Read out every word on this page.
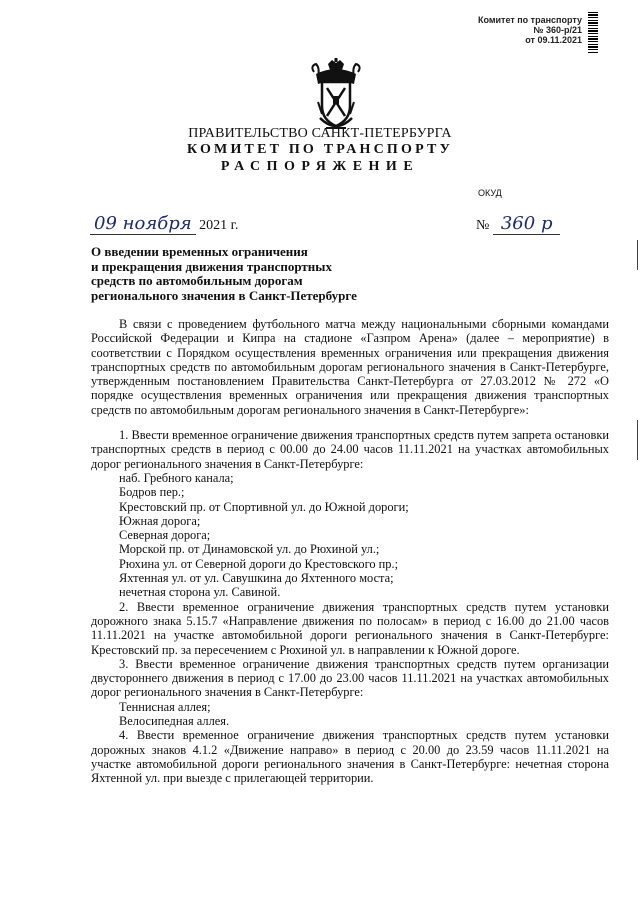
Комитет по транспорту
№ 360-р/21
от 09.11.2021
ПРАВИТЕЛЬСТВО САНКТ-ПЕТЕРБУРГА
КОМИТЕТ ПО ТРАНСПОРТУ
РАСПОРЯЖЕНИЕ
ОКУД
09 ноября 2021 г.	№ 360 р
О введении временных ограничения
и прекращения движения транспортных
средств по автомобильным дорогам
регионального значения в Санкт-Петербурге

В связи с проведением футбольного матча между национальными сборными командами Российской Федерации и Кипра на стадионе «Газпром Арена» (далее – мероприятие) в соответствии с Порядком осуществления временных ограничения или прекращения движения транспортных средств по автомобильным дорогам регионального значения в Санкт-Петербурге, утвержденным постановлением Правительства Санкт-Петербурга от 27.03.2012 № 272 «О порядке осуществления временных ограничения или прекращения движения транспортных средств по автомобильным дорогам регионального значения в Санкт-Петербурге»:

1. Ввести временное ограничение движения транспортных средств путем запрета остановки транспортных средств в период с 00.00 до 24.00 часов 11.11.2021 на участках автомобильных дорог регионального значения в Санкт-Петербурге:

наб. Гребного канала;

Бодров пер.;

Крестовский пр. от Спортивной ул. до Южной дороги;

Южная дорога;

Северная дорога;

Морской пр. от Динамовской ул. до Рюхиной ул.;

Рюхина ул. от Северной дороги до Крестовского пр.;

Яхтенная ул. от ул. Савушкина до Яхтенного моста;

нечетная сторона ул. Савиной.

2. Ввести временное ограничение движения транспортных средств путем установки дорожного знака 5.15.7 «Направление движения по полосам» в период с 16.00 до 21.00 часов 11.11.2021 на участке автомобильной дороги регионального значения в Санкт-Петербурге: Крестовский пр. за пересечением с Рюхиной ул. в направлении к Южной дороге.

3. Ввести временное ограничение движения транспортных средств путем организации двустороннего движения в период с 17.00 до 23.00 часов 11.11.2021 на участках автомобильных дорог регионального значения в Санкт-Петербурге:

Теннисная аллея;

Велосипедная аллея.

4. Ввести временное ограничение движения транспортных средств путем установки дорожных знаков 4.1.2 «Движение направо» в период с 20.00 до 23.59 часов 11.11.2021 на участке автомобильной дороги регионального значения в Санкт-Петербурге: нечетная сторона Яхтенной ул. при выезде с прилегающей территории.
